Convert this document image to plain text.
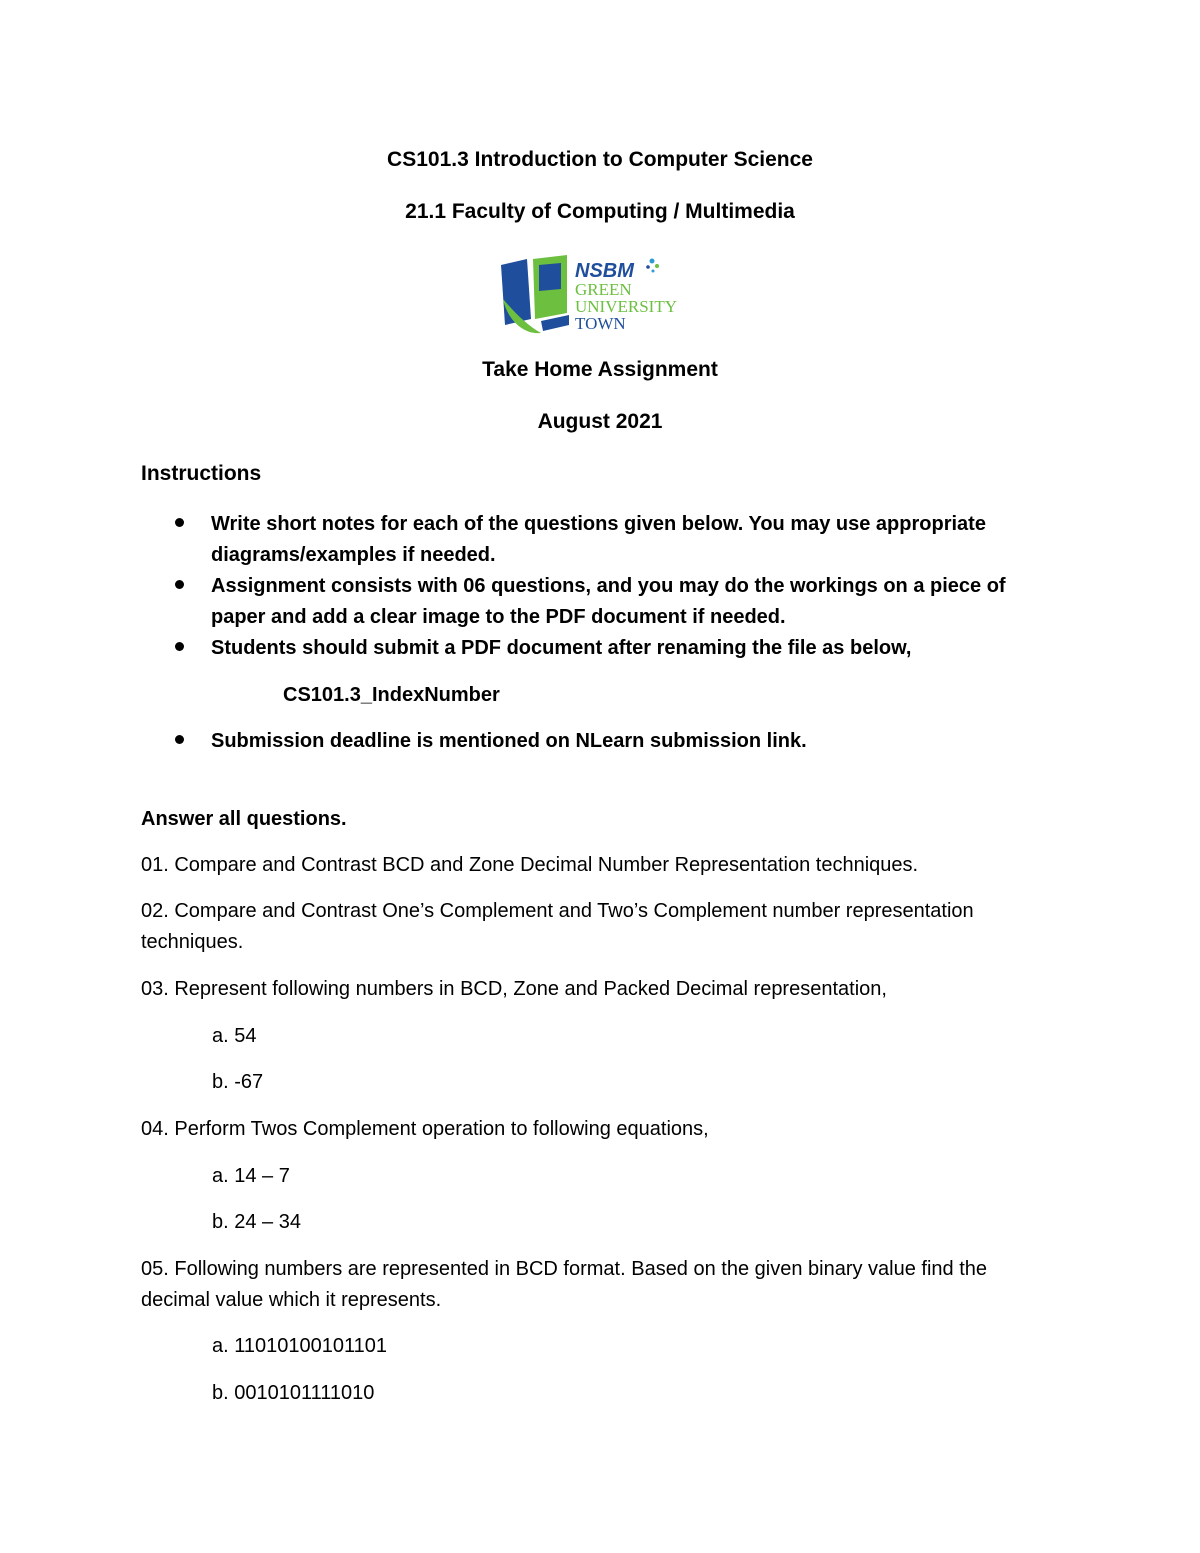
CS101.3 Introduction to Computer Science
21.1 Faculty of Computing / Multimedia
NSBM
GREEN
UNIVERSITY
TOWN
Take Home Assignment
August 2021
Instructions
Write short notes for each of the questions given below. You may use appropriate
diagrams/examples if needed.
Assignment consists with 06 questions, and you may do the workings on a piece of
paper and add a clear image to the PDF document if needed.
Students should submit a PDF document after renaming the file as below,
CS101.3_IndexNumber
Submission deadline is mentioned on NLearn submission link.
Answer all questions.
01. Compare and Contrast BCD and Zone Decimal Number Representation techniques.
02. Compare and Contrast One’s Complement and Two’s Complement number representation
techniques.
03. Represent following numbers in BCD, Zone and Packed Decimal representation,
a. 54
b. -67
04. Perform Twos Complement operation to following equations,
a. 14 – 7
b. 24 – 34
05. Following numbers are represented in BCD format. Based on the given binary value find the
decimal value which it represents.
a. 11010100101101
b. 0010101111010
